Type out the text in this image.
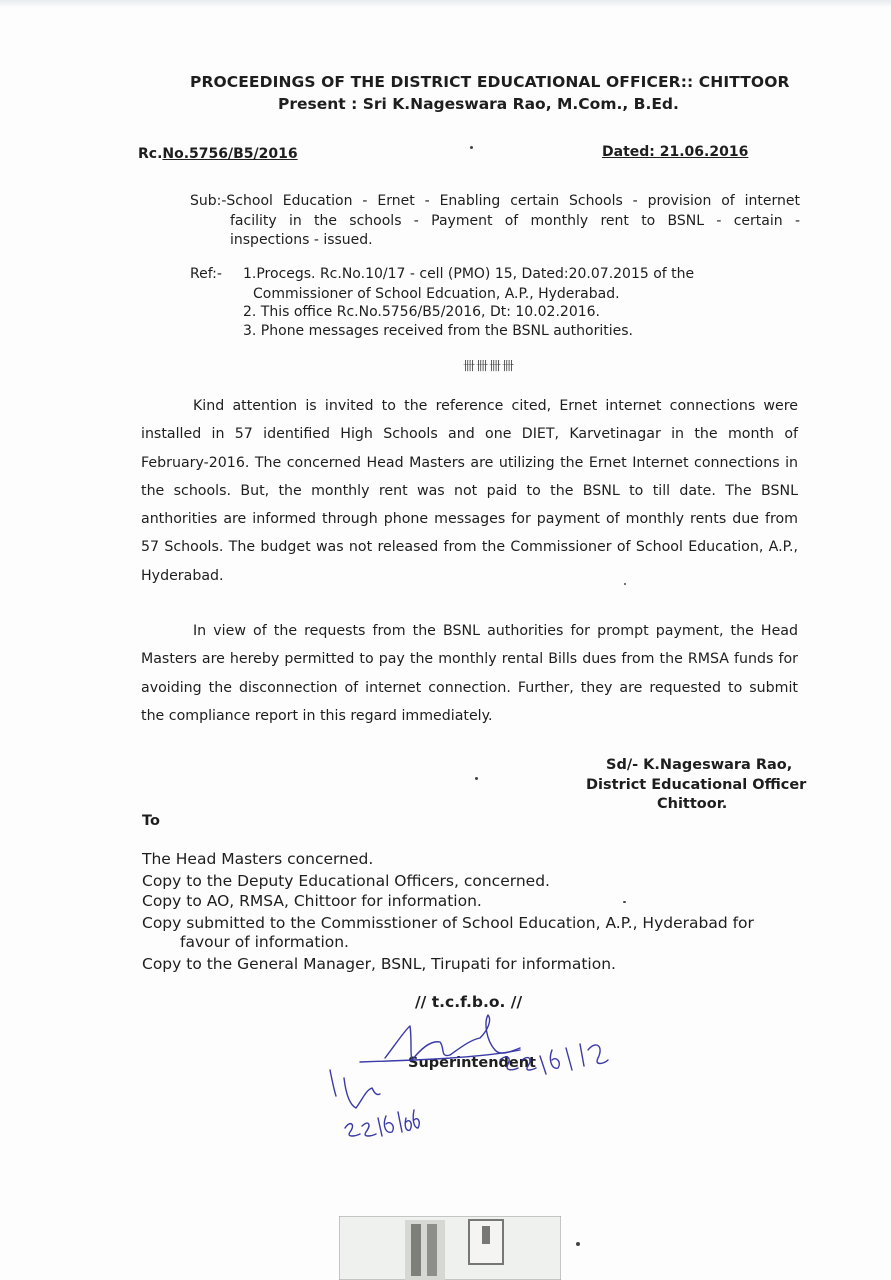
PROCEEDINGS OF THE DISTRICT EDUCATIONAL OFFICER:: CHITTOOR
Present : Sri K.Nageswara Rao, M.Com., B.Ed.
Rc.No.5756/B5/2016	Dated: 21.06.2016
Sub:-School Education - Ernet - Enabling certain Schools - provision of internet
facility in the schools - Payment of monthly rent to BSNL - certain -
inspections - issued.
Ref:- 1.Procegs. Rc.No.10/17 - cell (PMO) 15, Dated:20.07.2015 of the
Commissioner of School Edcuation, A.P., Hyderabad.
2. This office Rc.No.5756/B5/2016, Dt: 10.02.2016.
3. Phone messages received from the BSNL authorities.
卌卌卌卌
Kind attention is invited to the reference cited, Ernet internet connections were
installed in 57 identified High Schools and one DIET, Karvetinagar in the month of
February-2016. The concerned Head Masters are utilizing the Ernet Internet connections in
the schools. But, the monthly rent was not paid to the BSNL to till date. The BSNL
anthorities are informed through phone messages for payment of monthly rents due from
57 Schools. The budget was not released from the Commissioner of School Education, A.P.,
Hyderabad.
In view of the requests from the BSNL authorities for prompt payment, the Head
Masters are hereby permitted to pay the monthly rental Bills dues from the RMSA funds for
avoiding the disconnection of internet connection. Further, they are requested to submit
the compliance report in this regard immediately.
Sd/- K.Nageswara Rao,
District Educational Officer
Chittoor.
To
The Head Masters concerned.
Copy to the Deputy Educational Officers, concerned.
Copy to AO, RMSA, Chittoor for information.
Copy submitted to the Commisstioner of School Education, A.P., Hyderabad for
favour of information.
Copy to the General Manager, BSNL, Tirupati for information.
// t.c.f.b.o. //
Superintendent
